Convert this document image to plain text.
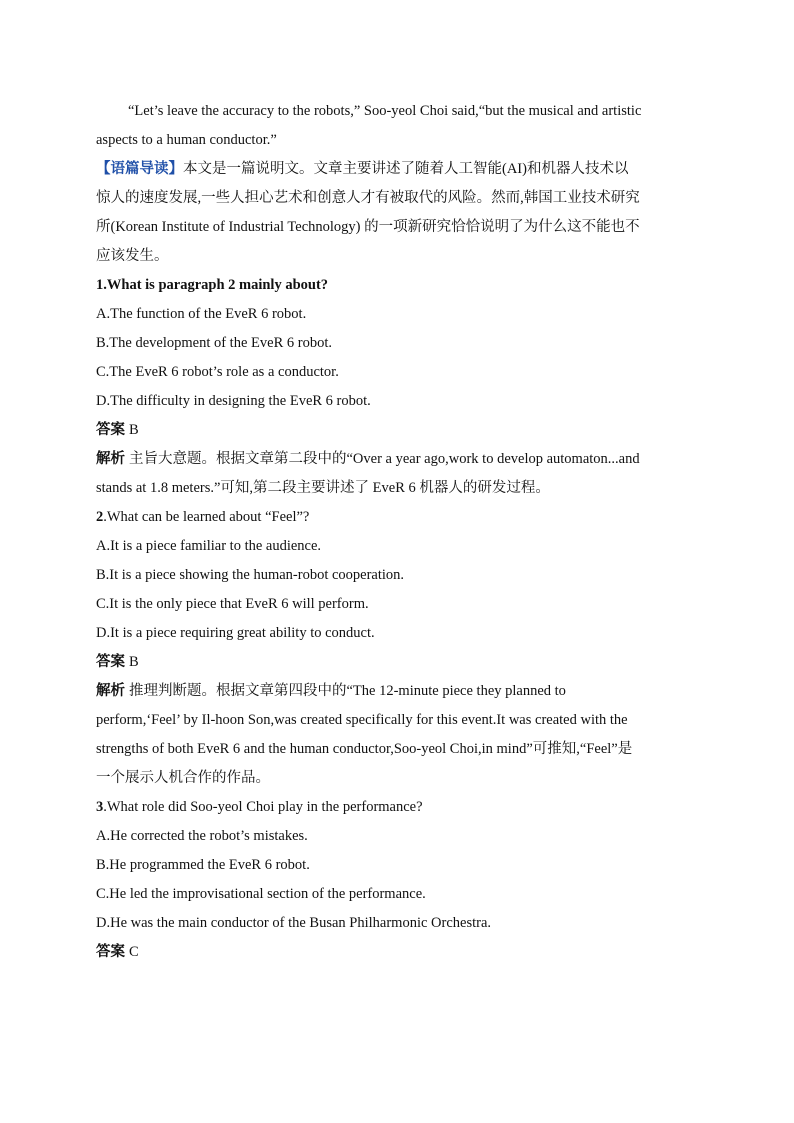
“Let’s leave the accuracy to the robots,” Soo-yeol Choi said,“but the musical and artistic
aspects to a human conductor.”
【语篇导读】本文是一篇说明文。文章主要讲述了随着人工智能(AI)和机器人技术以
惊人的速度发展,一些人担心艺术和创意人才有被取代的风险。然而,韩国工业技术研究
所(Korean Institute of Industrial Technology) 的一项新研究恰恰说明了为什么这不能也不
应该发生。
1.What is paragraph 2 mainly about?
A.The function of the EveR 6 robot.
B.The development of the EveR 6 robot.
C.The EveR 6 robot’s role as a conductor.
D.The difficulty in designing the EveR 6 robot.
答案 B
解析 主旨大意题。根据文章第二段中的“Over a year ago,work to develop automaton...and
stands at 1.8 meters.”可知,第二段主要讲述了 EveR 6 机器人的研发过程。
2.What can be learned about “Feel”?
A.It is a piece familiar to the audience.
B.It is a piece showing the human-robot cooperation.
C.It is the only piece that EveR 6 will perform.
D.It is a piece requiring great ability to conduct.
答案 B
解析 推理判断题。根据文章第四段中的“The 12-minute piece they planned to
perform,‘Feel’ by Il-hoon Son,was created specifically for this event.It was created with the
strengths of both EveR 6 and the human conductor,Soo-yeol Choi,in mind”可推知,“Feel”是
一个展示人机合作的作品。
3.What role did Soo-yeol Choi play in the performance?
A.He corrected the robot’s mistakes.
B.He programmed the EveR 6 robot.
C.He led the improvisational section of the performance.
D.He was the main conductor of the Busan Philharmonic Orchestra.
答案 C
